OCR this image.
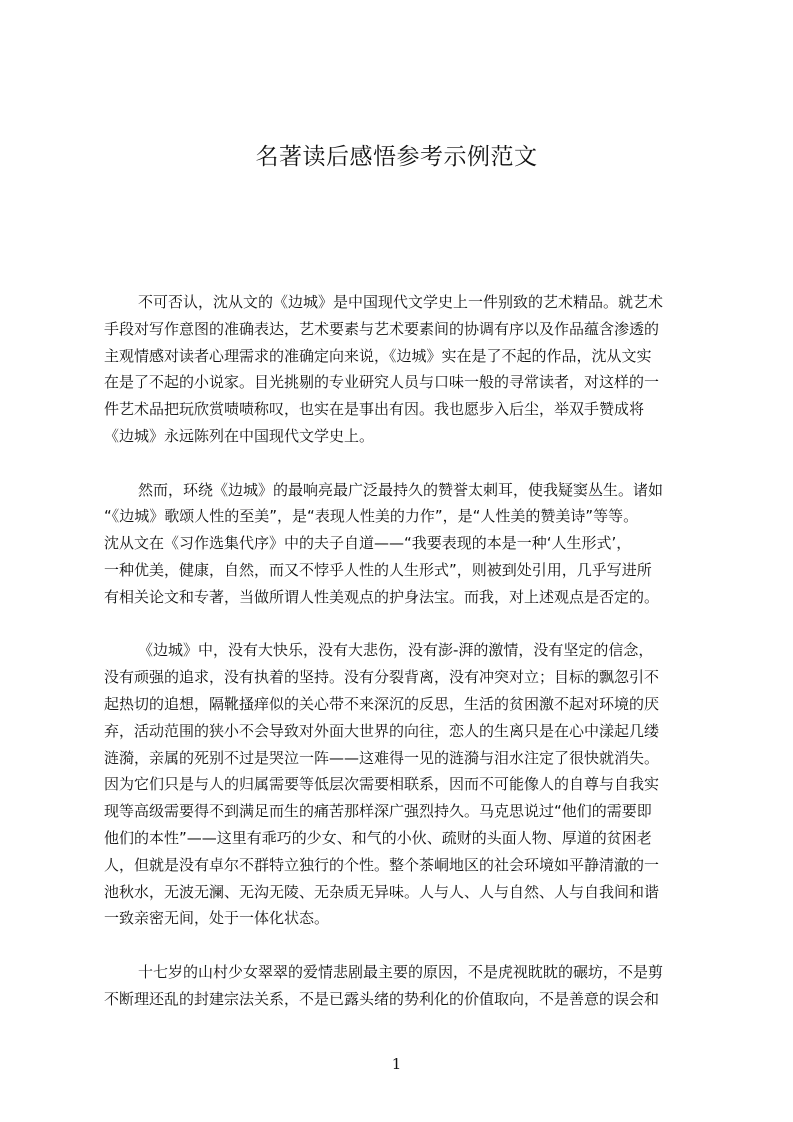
名著读后感悟参考示例范文
不可否认，沈从文的《边城》是中国现代文学史上一件别致的艺术精品。就艺术
手段对写作意图的准确表达，艺术要素与艺术要素间的协调有序以及作品蕴含渗透的
主观情感对读者心理需求的准确定向来说，《边城》实在是了不起的作品，沈从文实
在是了不起的小说家。目光挑剔的专业研究人员与口味一般的寻常读者，对这样的一
件艺术品把玩欣赏啧啧称叹，也实在是事出有因。我也愿步入后尘，举双手赞成将
《边城》永远陈列在中国现代文学史上。
然而，环绕《边城》的最响亮最广泛最持久的赞誉太刺耳，使我疑窦丛生。诸如
“《边城》歌颂人性的至美”，是“表现人性美的力作”，是“人性美的赞美诗”等等。
沈从文在《习作选集代序》中的夫子自道——“我要表现的本是一种‘人生形式’，
一种优美，健康，自然，而又不悖乎人性的人生形式”，则被到处引用，几乎写进所
有相关论文和专著，当做所谓人性美观点的护身法宝。而我，对上述观点是否定的。
《边城》中，没有大快乐，没有大悲伤，没有澎-湃的激情，没有坚定的信念，
没有顽强的追求，没有执着的坚持。没有分裂背离，没有冲突对立；目标的飘忽引不
起热切的追想，隔靴搔痒似的关心带不来深沉的反思，生活的贫困激不起对环境的厌
弃，活动范围的狭小不会导致对外面大世界的向往，恋人的生离只是在心中漾起几缕
涟漪，亲属的死别不过是哭泣一阵——这难得一见的涟漪与泪水注定了很快就消失。
因为它们只是与人的归属需要等低层次需要相联系，因而不可能像人的自尊与自我实
现等高级需要得不到满足而生的痛苦那样深广强烈持久。马克思说过“他们的需要即
他们的本性”——这里有乖巧的少女、和气的小伙、疏财的头面人物、厚道的贫困老
人，但就是没有卓尔不群特立独行的个性。整个茶峒地区的社会环境如平静清澈的一
池秋水，无波无澜、无沟无陵、无杂质无异味。人与人、人与自然、人与自我间和谐
一致亲密无间，处于一体化状态。
十七岁的山村少女翠翠的爱情悲剧最主要的原因，不是虎视眈眈的碾坊，不是剪
不断理还乱的封建宗法关系，不是已露头绪的势利化的价值取向，不是善意的误会和
1
